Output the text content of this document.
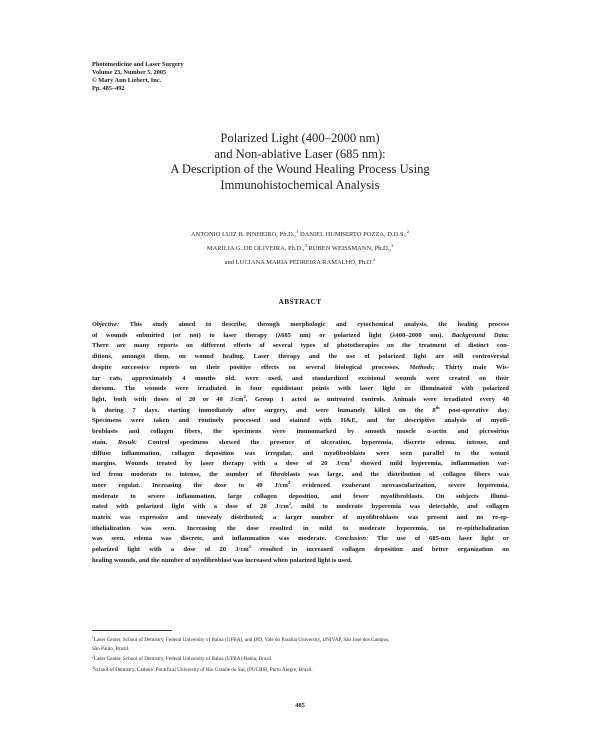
Photomedicine and Laser Surgery
Volume 23, Number 5, 2005
© Mary Ann Liebert, Inc.
Pp. 485–492
Polarized Light (400–2000 nm)
and Non-ablative Laser (685 nm):
A Description of the Wound Healing Process Using
Immunohistochemical Analysis
ANTONIO LUIZ B. PINHEIRO, Ph.D.,$^1$ DANIEL HUMBERTO POZZA, D.D.S.,$^2$
MARILIA G. DE OLIVEIRA, Ph.D.,$^3$ RUBEN WEISSMANN, Ph.D.,$^3$
and LUCIANA MARIA PEDREIRA RAMALHO, Ph.D.$^2$
ABSTRACT
Objective: This study aimed to describe, through morphologic and cytochemical analysis, the healing process
of wounds submitted (or not) to laser therapy (λ685 nm) or polarized light (λ400–2000 nm). Background Data:
There are many reports on different effects of several types of phototherapies on the treatment of distinct con-
ditions, amongst them, on wound healing. Laser therapy and the use of polarized light are still controversial
despite successive reports on their positive effects on several biological processes. Methods: Thirty male Wis-
tar rats, approximately 4 months old, were used, and standardized excisional wounds were created on their
dorsum. The wounds were irradiated in four equidistant points with laser light or illuminated with polarized
light, both with doses of 20 or 40 $J/cm^2$. Group 1 acted as untreated controls. Animals were irradiated every 48
h during 7 days, starting immediately after surgery, and were humanely killed on the 8th post-operative day.
Specimens were taken and routinely processed and stained with H&E, and for descriptive analysis of myofi-
broblasts and collagen fibers, the specimens were imunomarked by smooth muscle α-actin and picrosirius
stain. Result: Control specimens showed the presence of ulceration, hyperemia, discrete edema, intense, and
diffuse inflammation, collagen deposition was irregular, and myofibroblasts were seen parallel to the wound
margins. Wounds treated by laser therapy with a dose of 20 $J/cm^2$ showed mild hyperemia, inflammation var-
ied from moderate to intense, the number of fibroblasts was large, and the distribution of collagen fibers was
more regular. Increasing the dose to 40 $J/cm^2$ evidenced exuberant neovascularization, severe hyperemia,
moderate to severe inflammation, large collagen deposition, and fewer myofibroblasts. On subjects illumi-
nated with polarized light with a dose of 20 $J/cm^2$, mild to moderate hyperemia was detectable, and collagen
matrix was expressive and unevenly distributed; a larger number of myofibroblasts was present and no re-ep-
ithelialization was seen. Increasing the dose resulted in mild to moderate hyperemia, no re-epithelialization
was seen, edema was discrete, and inflammation was moderate. Conclusion: The use of 685-nm laser light or
polarized light with a dose of 20 $J/cm^2$ resulted in increased collagen deposition and better organization on
healing wounds, and the number of myofibroblast was increased when polarized light is used.
$^1$Laser Center, School of Dentistry, Federal University of Bahia (UFBA), and IPD, Vale do Paraíba University, UNIVAP, São José dos Campos,
São Paulo, Brazil.
$^2$Laser Center, School of Dentistry, Federal University of Bahia (UFBA)-Bahia, Brazil.
$^3$School of Dentistry, Catholic Pontifical University of Rio Grande do Sul, (PUCRS), Porto Alegre, Brazil.
485
